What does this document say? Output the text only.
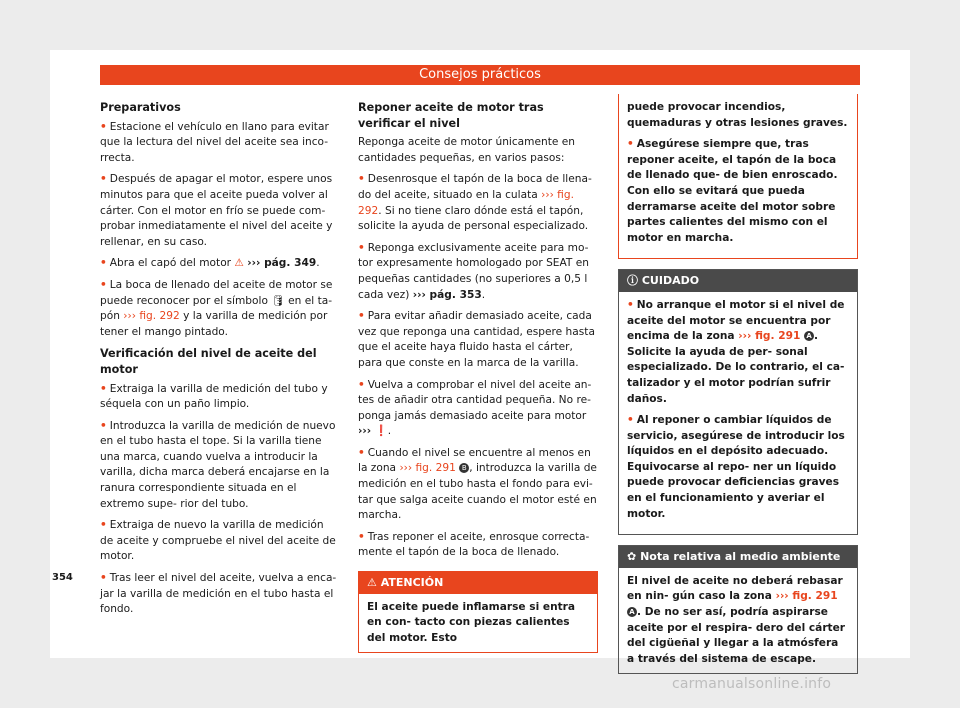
Consejos prácticos

Preparativos

• Estacione el vehículo en llano para evitar que la lectura del nivel del aceite sea inco- rrecta.

• Después de apagar el motor, espere unos minutos para que el aceite pueda volver al cárter. Con el motor en frío se puede com- probar inmediatamente el nivel del aceite y rellenar, en su caso.

• Abra el capó del motor ⚠ ››› pág. 349.

• La boca de llenado del aceite de motor se puede reconocer por el símbolo 🛢 en el ta- pón ››› fig. 292 y la varilla de medición por tener el mango pintado.

Verificación del nivel de aceite del motor

• Extraiga la varilla de medición del tubo y séquela con un paño limpio.

• Introduzca la varilla de medición de nuevo en el tubo hasta el tope. Si la varilla tiene una marca, cuando vuelva a introducir la varilla, dicha marca deberá encajarse en la ranura correspondiente situada en el extremo supe- rior del tubo.

• Extraiga de nuevo la varilla de medición de aceite y compruebe el nivel del aceite de motor.

• Tras leer el nivel del aceite, vuelva a enca- jar la varilla de medición en el tubo hasta el fondo.

Reponer aceite de motor tras verificar el nivel

Reponga aceite de motor únicamente en cantidades pequeñas, en varios pasos:

• Desenrosque el tapón de la boca de llena- do del aceite, situado en la culata ››› fig. 292. Si no tiene claro dónde está el tapón, solicite la ayuda de personal especializado.

• Reponga exclusivamente aceite para mo- tor expresamente homologado por SEAT en pequeñas cantidades (no superiores a 0,5 l cada vez) ››› pág. 353.

• Para evitar añadir demasiado aceite, cada vez que reponga una cantidad, espere hasta que el aceite haya fluido hasta el cárter, para que conste en la marca de la varilla.

• Vuelva a comprobar el nivel del aceite an- tes de añadir otra cantidad pequeña. No re- ponga jamás demasiado aceite para motor ››› ❗.

• Cuando el nivel se encuentre al menos en la zona ››› fig. 291 B , introduzca la varilla de medición en el tubo hasta el fondo para evi- tar que salga aceite cuando el motor esté en marcha.

• Tras reponer el aceite, enrosque correcta- mente el tapón de la boca de llenado.

⚠ ATENCIÓN
El aceite puede inflamarse si entra en con- tacto con piezas calientes del motor. Esto

puede provocar incendios, quemaduras y otras lesiones graves.

• Asegúrese siempre que, tras reponer aceite, el tapón de la boca de llenado que- de bien enroscado. Con ello se evitará que pueda derramarse aceite del motor sobre partes calientes del mismo con el motor en marcha.

ⓘ CUIDADO

• No arranque el motor si el nivel de aceite del motor se encuentra por encima de la zona ››› fig. 291 A . Solicite la ayuda de per- sonal especializado. De lo contrario, el ca- talizador y el motor podrían sufrir daños.

• Al reponer o cambiar líquidos de servicio, asegúrese de introducir los líquidos en el depósito adecuado. Equivocarse al repo- ner un líquido puede provocar deficiencias graves en el funcionamiento y averiar el motor.

✿ Nota relativa al medio ambiente
El nivel de aceite no deberá rebasar en nin- gún caso la zona ››› fig. 291 A . De no ser así, podría aspirarse aceite por el respira- dero del cárter del cigüeñal y llegar a la atmósfera a través del sistema de escape.
354
carmanualsonline.info
